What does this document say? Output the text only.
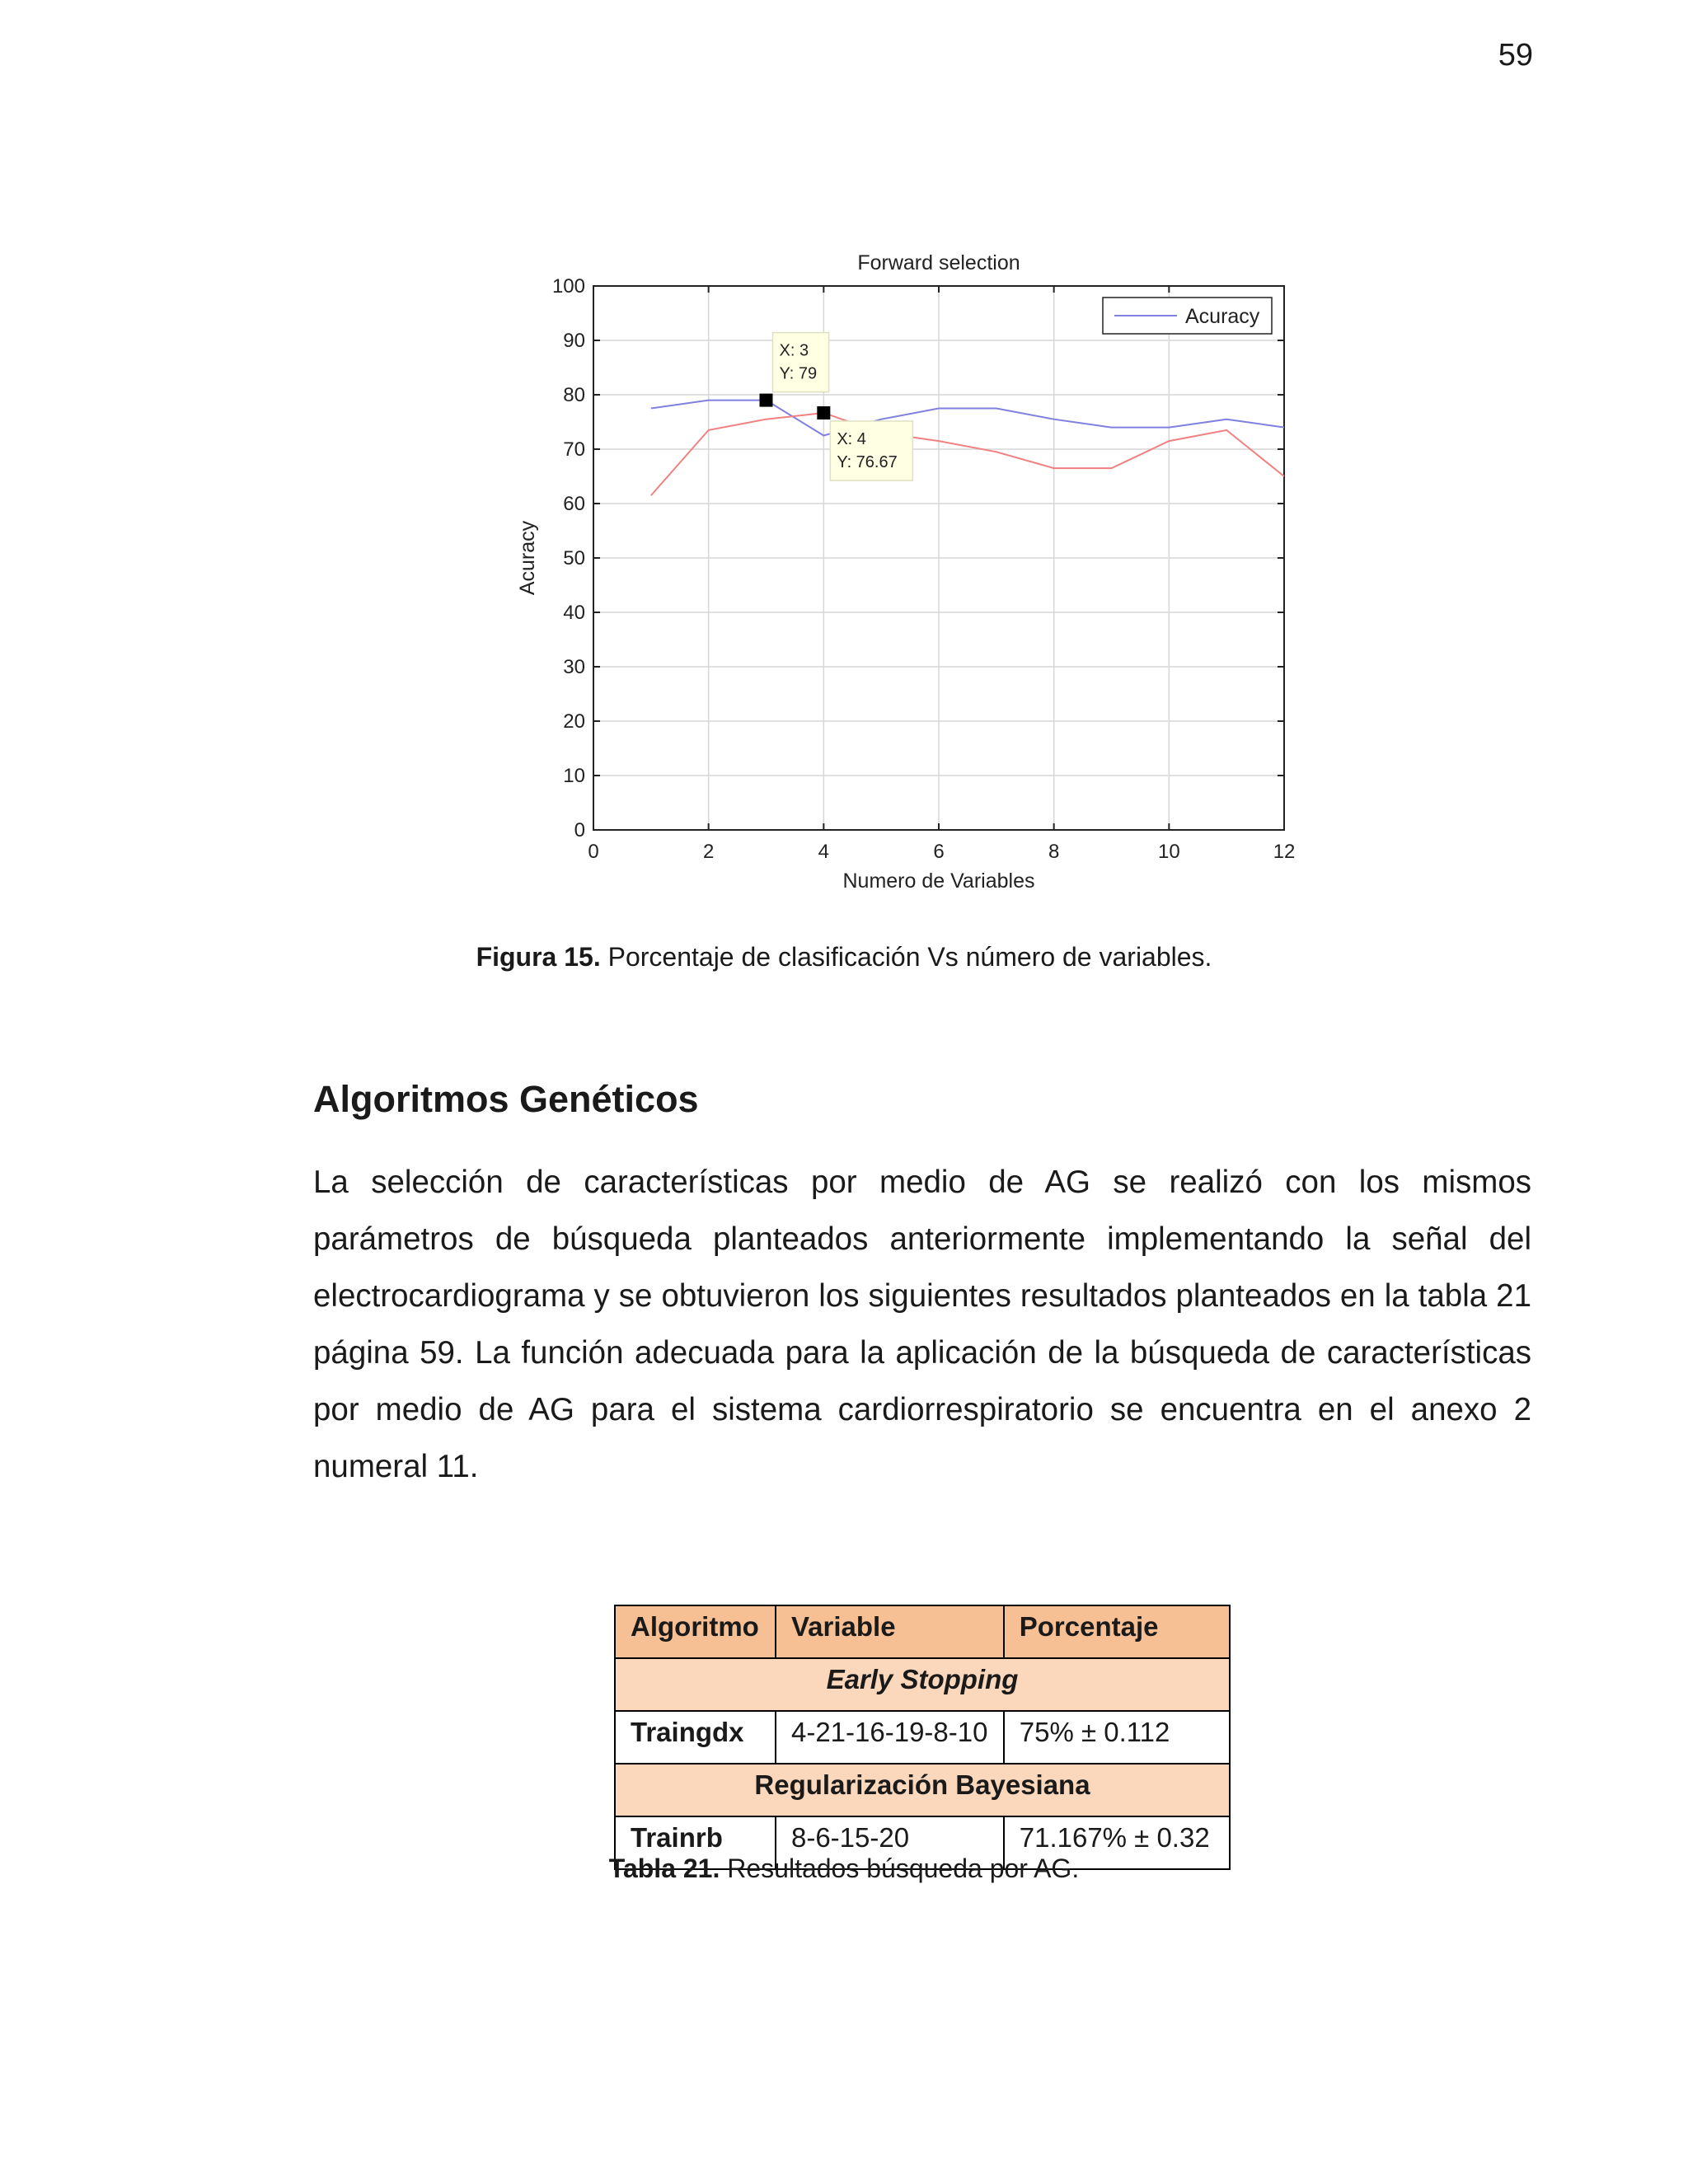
59
0	2	4	6	8	10	12
0
10
20
30
40
50
60
70
80
90
100
Forward selection
Numero de Variables
Acuracy
Acuracy
X: 3
Y: 79
X: 4
Y: 76.67
Figura 15. Porcentaje de clasificación Vs número de variables.
Algoritmos Genéticos

La selección de características por medio de AG se realizó con los mismos parámetros de búsqueda planteados anteriormente implementando la señal del electrocardiograma y se obtuvieron los siguientes resultados planteados en la tabla 21 página 59. La función adecuada para la aplicación de la búsqueda de características por medio de AG para el sistema cardiorrespiratorio se encuentra en el anexo 2 numeral 11.

Algoritmo	Variable	Porcentaje
Early Stopping		
Traingdx	4-21-16-19-8-10	75% ± 0.112
Regularización Bayesiana		
Trainrb	8-6-15-20	71.167% ± 0.32
Tabla 21. Resultados búsqueda por AG.
